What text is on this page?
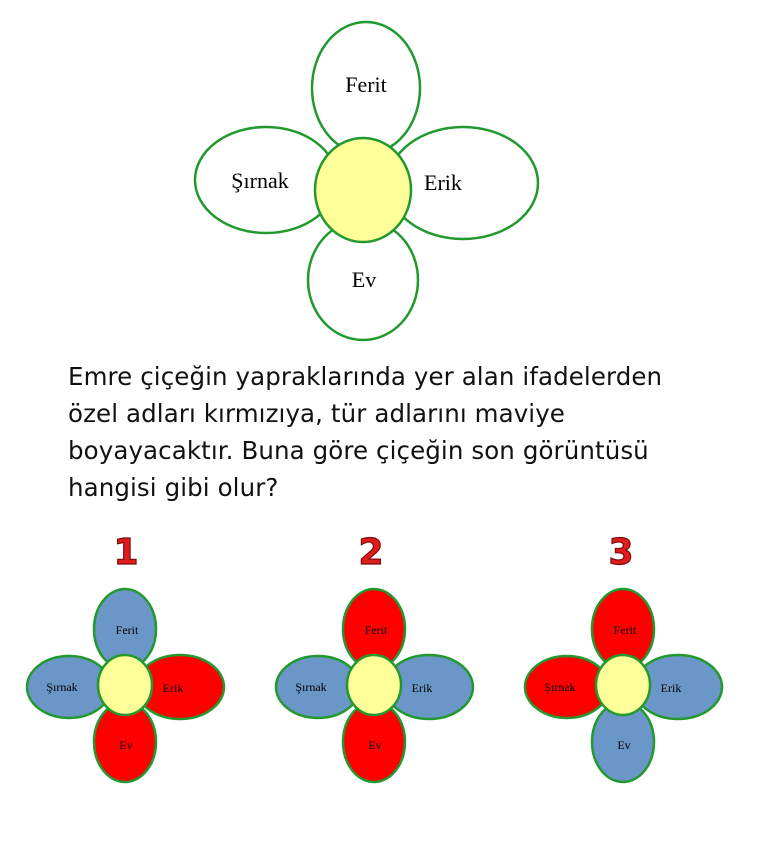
Ferit
Şırnak	Erik
Ev
Ferit
Ev
Şırnak	Erik
Ferit
Ev
Şırnak	Erik
Ferit
Ev
Şırnak	Erik
Emre çiçeğin yapraklarında yer alan ifadelerden özel adları kırmızıya, tür adlarını maviye boyayacaktır. Buna göre çiçeğin son görüntüsü hangisi gibi olur?
1	2	3
